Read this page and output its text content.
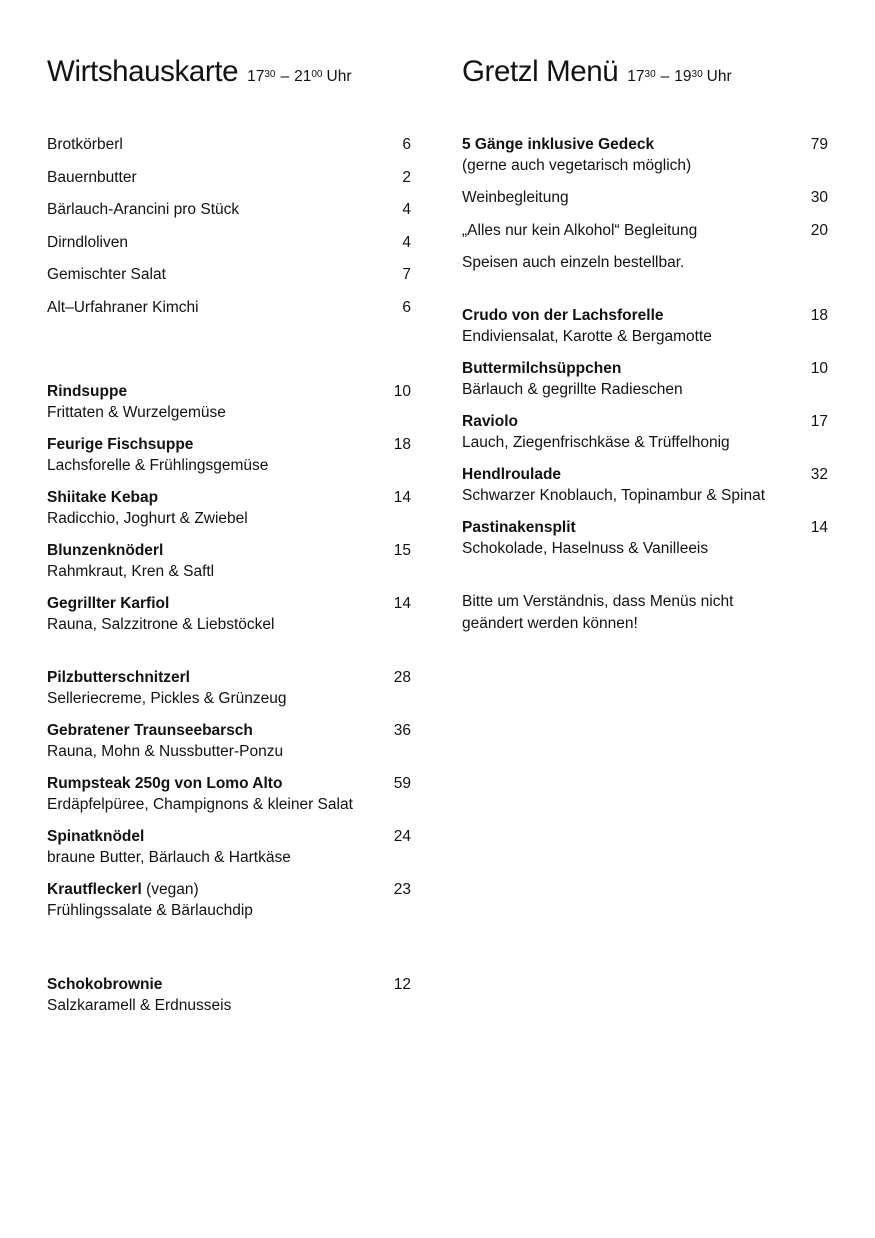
Wirtshauskarte $17^{30} - 21^{00}$ Uhr
Brotkörberl	6
Bauernbutter	2
Bärlauch-Arancini pro Stück	4
Dirndloliven	4
Gemischter Salat	7
Alt–Urfahraner Kimchi	6
Rindsuppe	10
Frittaten & Wurzelgemüse
Feurige Fischsuppe	18
Lachsforelle & Frühlingsgemüse
Shiitake Kebap	14
Radicchio, Joghurt & Zwiebel
Blunzenknöderl	15
Rahmkraut, Kren & Saftl
Gegrillter Karfiol	14
Rauna, Salzzitrone & Liebstöckel
Pilzbutterschnitzerl	28
Selleriecreme, Pickles & Grünzeug
Gebratener Traunseebarsch	36
Rauna, Mohn & Nussbutter-Ponzu
Rumpsteak 250g von Lomo Alto	59
Erdäpfelpüree, Champignons & kleiner Salat
Spinatknödel	24
braune Butter, Bärlauch & Hartkäse
Krautfleckerl (vegan)	23
Frühlingssalate & Bärlauchdip
Schokobrownie	12
Salzkaramell & Erdnusseis
Gretzl Menü $17^{30} - 19^{30}$ Uhr
5 Gänge inklusive Gedeck	79
(gerne auch vegetarisch möglich)
Weinbegleitung	30
„Alles nur kein Alkohol“ Begleitung	20
Speisen auch einzeln bestellbar.
Crudo von der Lachsforelle	18
Endiviensalat, Karotte & Bergamotte
Buttermilchsüppchen	10
Bärlauch & gegrillte Radieschen
Raviolo	17
Lauch, Ziegenfrischkäse & Trüffelhonig
Hendlroulade	32
Schwarzer Knoblauch, Topinambur & Spinat
Pastinakensplit	14
Schokolade, Haselnuss & Vanilleeis
Bitte um Verständnis, dass Menüs nicht geändert werden können!
